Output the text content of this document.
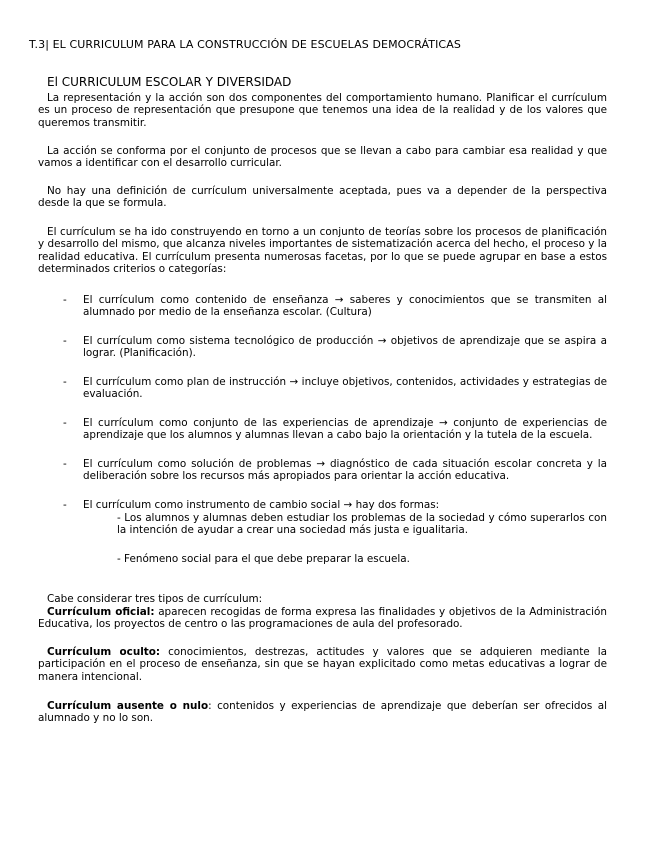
T.3| EL CURRICULUM PARA LA CONSTRUCCIÓN DE ESCUELAS DEMOCRÁTICAS
El CURRICULUM ESCOLAR Y DIVERSIDAD
La representación y la acción son dos componentes del comportamiento humano. Planificar el currículum es un proceso de representación que presupone que tenemos una idea de la realidad y de los valores que queremos transmitir.
La acción se conforma por el conjunto de procesos que se llevan a cabo para cambiar esa realidad y que vamos a identificar con el desarrollo curricular.
No hay una definición de currículum universalmente aceptada, pues va a depender de la perspectiva desde la que se formula.
El currículum se ha ido construyendo en torno a un conjunto de teorías sobre los procesos de planificación y desarrollo del mismo, que alcanza niveles importantes de sistematización acerca del hecho, el proceso y la realidad educativa. El currículum presenta numerosas facetas, por lo que se puede agrupar en base a estos determinados criterios o categorías:
- El currículum como contenido de enseñanza → saberes y conocimientos que se transmiten al alumnado por medio de la enseñanza escolar. (Cultura)
- El currículum como sistema tecnológico de producción → objetivos de aprendizaje que se aspira a lograr. (Planificación).
- El currículum como plan de instrucción → incluye objetivos, contenidos, actividades y estrategias de evaluación.
- El currículum como conjunto de las experiencias de aprendizaje → conjunto de experiencias de aprendizaje que los alumnos y alumnas llevan a cabo bajo la orientación y la tutela de la escuela.
- El currículum como solución de problemas → diagnóstico de cada situación escolar concreta y la deliberación sobre los recursos más apropiados para orientar la acción educativa.
- El currículum como instrumento de cambio social → hay dos formas:
- Los alumnos y alumnas deben estudiar los problemas de la sociedad y cómo superarlos con la intención de ayudar a crear una sociedad más justa e igualitaria.
- Fenómeno social para el que debe preparar la escuela.
Cabe considerar tres tipos de currículum:
Currículum oficial: aparecen recogidas de forma expresa las finalidades y objetivos de la Administración Educativa, los proyectos de centro o las programaciones de aula del profesorado.
Currículum oculto: conocimientos, destrezas, actitudes y valores que se adquieren mediante la participación en el proceso de enseñanza, sin que se hayan explicitado como metas educativas a lograr de manera intencional.
Currículum ausente o nulo: contenidos y experiencias de aprendizaje que deberían ser ofrecidos al alumnado y no lo son.
